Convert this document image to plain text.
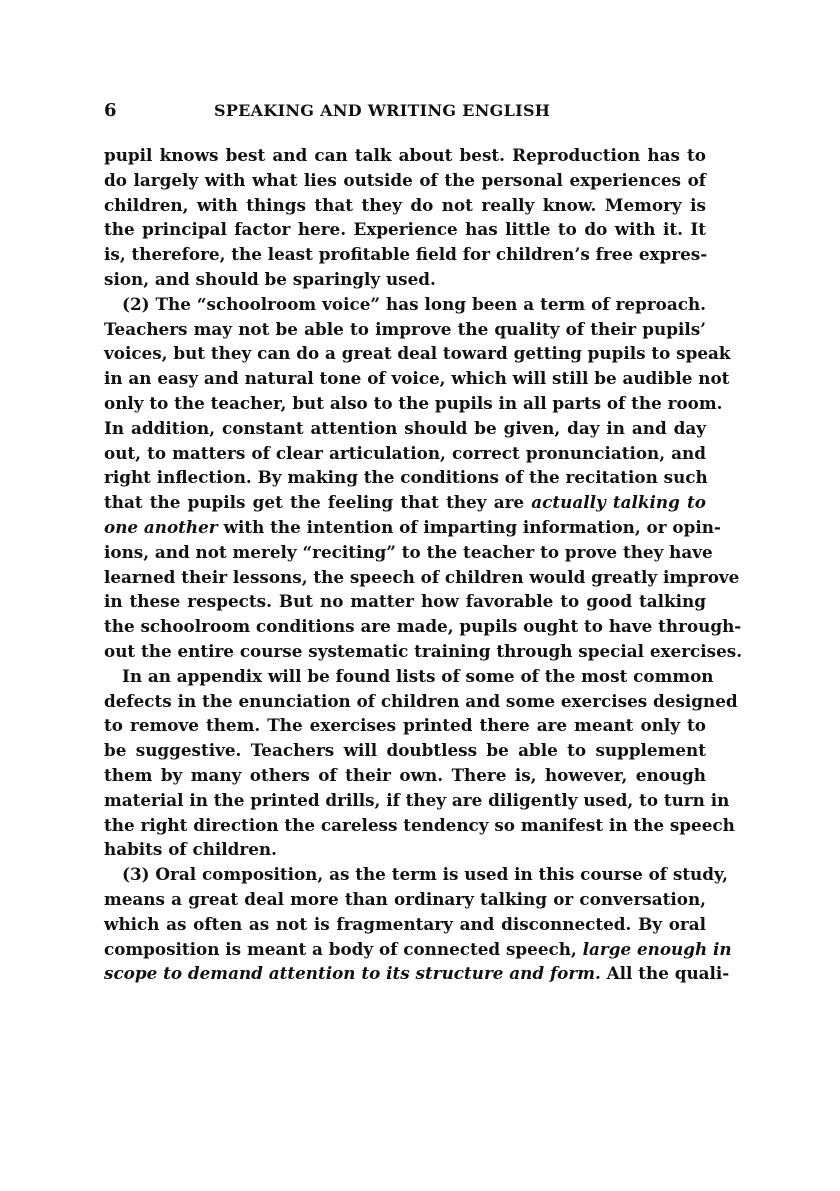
6	SPEAKING AND WRITING ENGLISH
pupil knows best and can talk about best. Reproduction has to
do largely with what lies outside of the personal experiences of
children, with things that they do not really know. Memory is
the principal factor here. Experience has little to do with it. It
is, therefore, the least profitable field for children’s free expres-
sion, and should be sparingly used.
(2) The “schoolroom voice” has long been a term of reproach.
Teachers may not be able to improve the quality of their pupils’
voices, but they can do a great deal toward getting pupils to speak
in an easy and natural tone of voice, which will still be audible not
only to the teacher, but also to the pupils in all parts of the room.
In addition, constant attention should be given, day in and day
out, to matters of clear articulation, correct pronunciation, and
right inflection. By making the conditions of the recitation such
that the pupils get the feeling that they are actually talking to
one another with the intention of imparting information, or opin-
ions, and not merely “reciting” to the teacher to prove they have
learned their lessons, the speech of children would greatly improve
in these respects. But no matter how favorable to good talking
the schoolroom conditions are made, pupils ought to have through-
out the entire course systematic training through special exercises.
In an appendix will be found lists of some of the most common
defects in the enunciation of children and some exercises designed
to remove them. The exercises printed there are meant only to
be suggestive. Teachers will doubtless be able to supplement
them by many others of their own. There is, however, enough
material in the printed drills, if they are diligently used, to turn in
the right direction the careless tendency so manifest in the speech
habits of children.
(3) Oral composition, as the term is used in this course of study,
means a great deal more than ordinary talking or conversation,
which as often as not is fragmentary and disconnected. By oral
composition is meant a body of connected speech, large enough in
scope to demand attention to its structure and form. All the quali-
